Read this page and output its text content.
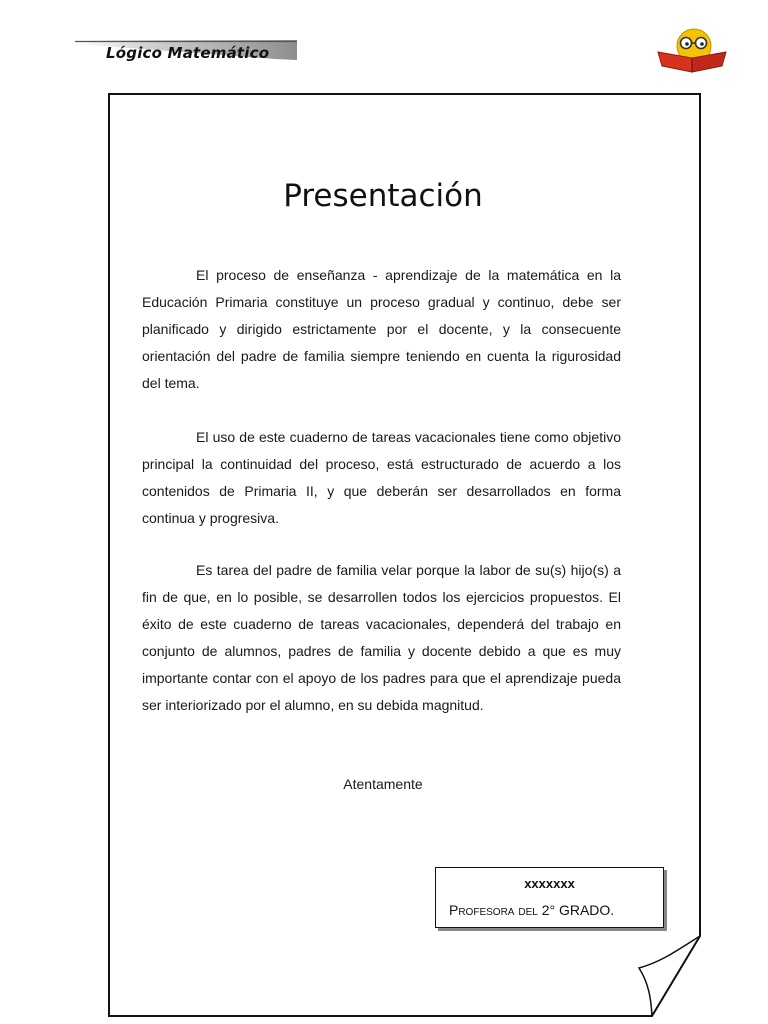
Lógico Matemático
Presentación

El proceso de enseñanza - aprendizaje de la matemática en la Educación Primaria constituye un proceso gradual y continuo, debe ser planificado y dirigido estrictamente por el docente, y la consecuente orientación del padre de familia siempre teniendo en cuenta la rigurosidad del tema.

El uso de este cuaderno de tareas vacacionales tiene como objetivo principal la continuidad del proceso, está estructurado de acuerdo a los contenidos de Primaria II, y que deberán ser desarrollados en forma continua y progresiva.

Es tarea del padre de familia velar porque la labor de su(s) hijo(s) a fin de que, en lo posible, se desarrollen todos los ejercicios propuestos. El éxito de este cuaderno de tareas vacacionales, dependerá del trabajo en conjunto de alumnos, padres de familia y docente debido a que es muy importante contar con el apoyo de los padres para que el aprendizaje pueda ser interiorizado por el alumno, en su debida magnitud.

Atentamente
xxxxxxx
Profesora del 2° GRADO.
